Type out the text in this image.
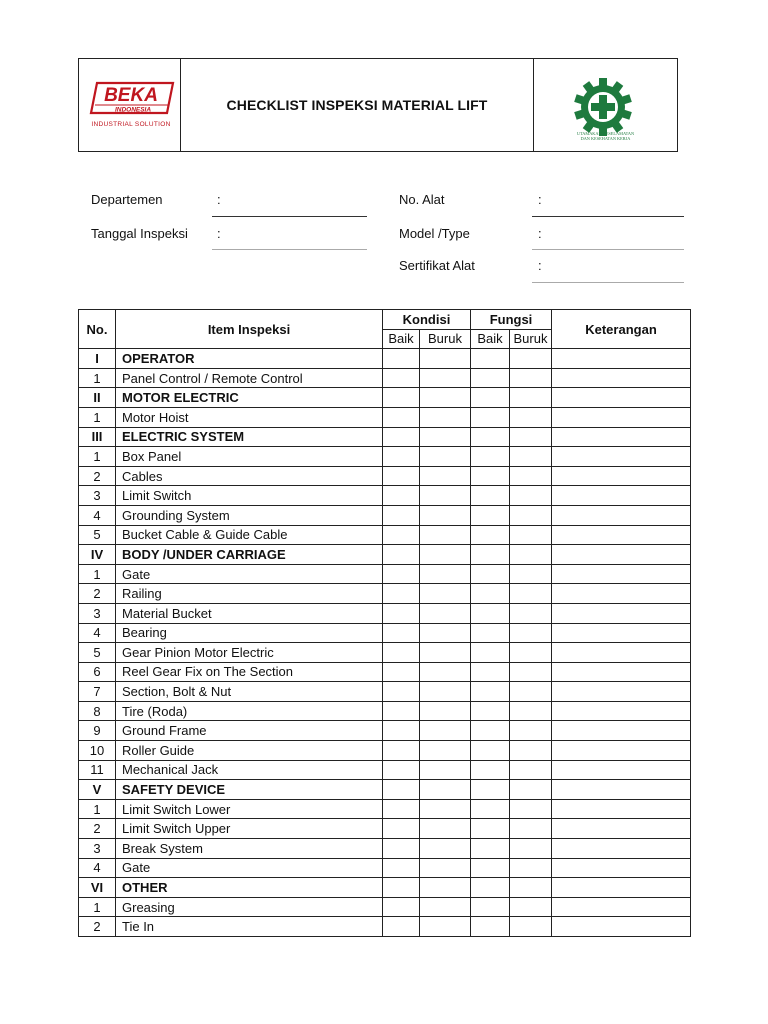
BEKA
INDONESIA
INDUSTRIAL SOLUTION
CHECKLIST INSPEKSI MATERIAL LIFT
UTAMAKAN KESELAMATAN
DAN KESEHATAN KERJA
Departemen	:
Tanggal Inspeksi :
No. Alat	:
Model /Type	:
Sertifikat Alat	:
No.	Item Inspeksi	Kondisi		Fungsi		Keterangan
		Baik	Buruk	Baik	Buruk	
I	OPERATOR					
1	Panel Control / Remote Control					
II	MOTOR ELECTRIC					
1	Motor Hoist					
III	ELECTRIC SYSTEM					
1	Box Panel					
2	Cables					
3	Limit Switch					
4	Grounding System					
5	Bucket Cable & Guide Cable					
IV	BODY /UNDER CARRIAGE					
1	Gate					
2	Railing					
3	Material Bucket					
4	Bearing					
5	Gear Pinion Motor Electric					
6	Reel Gear Fix on The Section					
7	Section, Bolt & Nut					
8	Tire (Roda)					
9	Ground Frame					
10	Roller Guide					
11	Mechanical Jack					
V	SAFETY DEVICE					
1	Limit Switch Lower					
2	Limit Switch Upper					
3	Break System					
4	Gate					
VI	OTHER					
1	Greasing					
2	Tie In					
